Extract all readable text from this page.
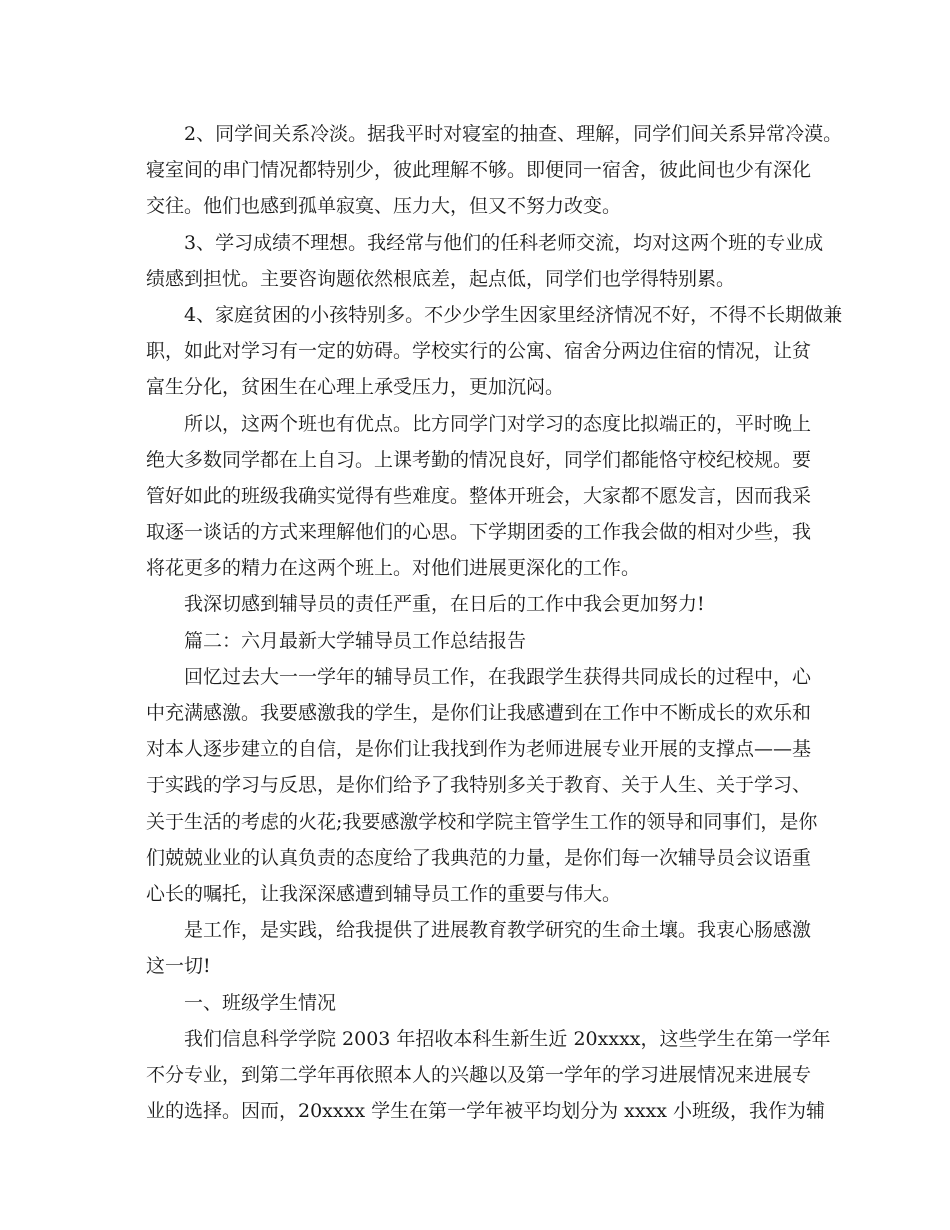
2、同学间关系冷淡。据我平时对寝室的抽查、理解，同学们间关系异常冷漠。
寝室间的串门情况都特别少，彼此理解不够。即便同一宿舍，彼此间也少有深化
交往。他们也感到孤单寂寞、压力大，但又不努力改变。
3、学习成绩不理想。我经常与他们的任科老师交流，均对这两个班的专业成
绩感到担忧。主要咨询题依然根底差，起点低，同学们也学得特别累。
4、家庭贫困的小孩特别多。不少少学生因家里经济情况不好，不得不长期做兼
职，如此对学习有一定的妨碍。学校实行的公寓、宿舍分两边住宿的情况，让贫
富生分化，贫困生在心理上承受压力，更加沉闷。
所以，这两个班也有优点。比方同学门对学习的态度比拟端正的，平时晚上
绝大多数同学都在上自习。上课考勤的情况良好，同学们都能恪守校纪校规。要
管好如此的班级我确实觉得有些难度。整体开班会，大家都不愿发言，因而我采
取逐一谈话的方式来理解他们的心思。下学期团委的工作我会做的相对少些，我
将花更多的精力在这两个班上。对他们进展更深化的工作。
我深切感到辅导员的责任严重，在日后的工作中我会更加努力!
篇二：六月最新大学辅导员工作总结报告
回忆过去大一一学年的辅导员工作，在我跟学生获得共同成长的过程中，心
中充满感激。我要感激我的学生，是你们让我感遭到在工作中不断成长的欢乐和
对本人逐步建立的自信，是你们让我找到作为老师进展专业开展的支撑点——基
于实践的学习与反思，是你们给予了我特别多关于教育、关于人生、关于学习、
关于生活的考虑的火花;我要感激学校和学院主管学生工作的领导和同事们，是你
们兢兢业业的认真负责的态度给了我典范的力量，是你们每一次辅导员会议语重
心长的嘱托，让我深深感遭到辅导员工作的重要与伟大。
是工作，是实践，给我提供了进展教育教学研究的生命土壤。我衷心肠感激
这一切!
一、班级学生情况
我们信息科学学院 2003 年招收本科生新生近 20xxxx，这些学生在第一学年
不分专业，到第二学年再依照本人的兴趣以及第一学年的学习进展情况来进展专
业的选择。因而，20xxxx 学生在第一学年被平均划分为 xxxx 小班级，我作为辅
